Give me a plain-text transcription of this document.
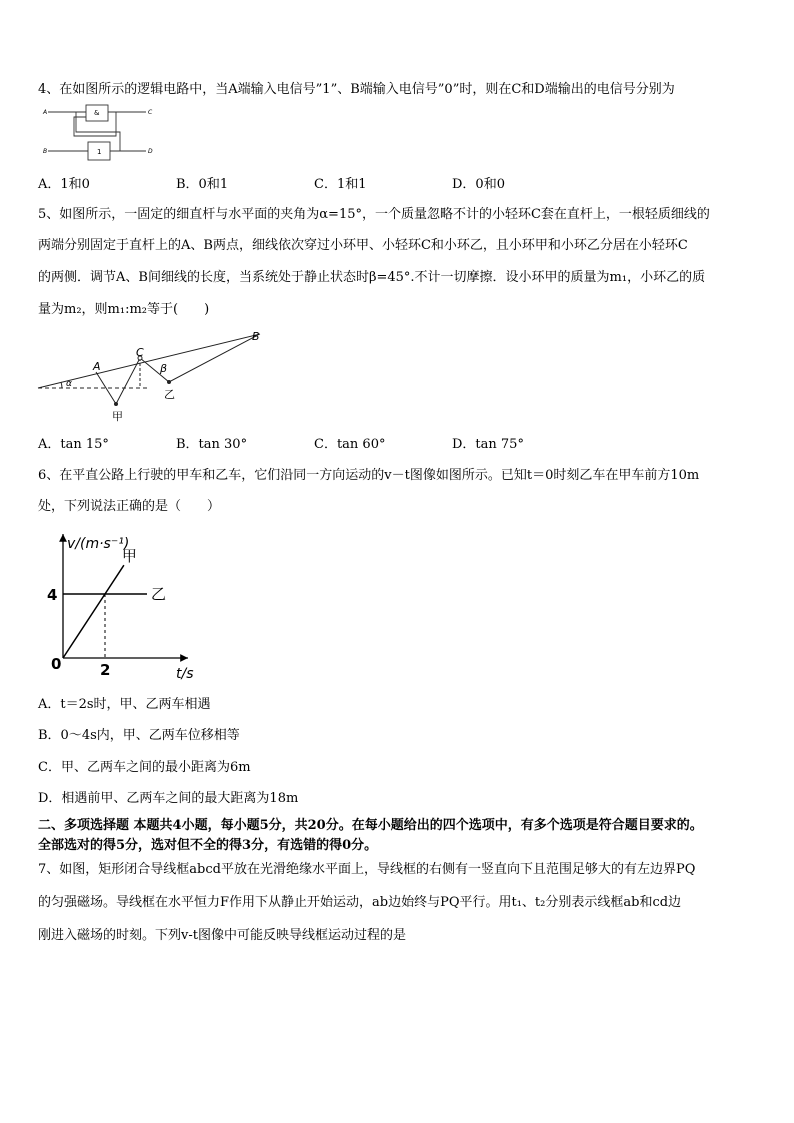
4、在如图所示的逻辑电路中，当A端输入电信号”1”、B端输入电信号”0”时，则在C和D端输出的电信号分别为
A
B
C
D
&
1
A．1和0	B．0和1	C．1和1	D．0和0
5、如图所示，一固定的细直杆与水平面的夹角为α=15°，一个质量忽略不计的小轻环C套在直杆上，一根轻质细线的
两端分别固定于直杆上的A、B两点，细线依次穿过小环甲、小轻环C和小环乙，且小环甲和小环乙分居在小轻环C
的两侧．调节A、B间细线的长度，当系统处于静止状态时β=45°.不计一切摩擦．设小环甲的质量为m₁，小环乙的质
量为m₂，则m₁:m₂等于(　　)
A
B
C
β
α
甲
乙
A．tan 15°	B．tan 30°	C．tan 60°	D．tan 75°
6、在平直公路上行驶的甲车和乙车，它们沿同一方向运动的v－t图像如图所示。已知t＝0时刻乙车在甲车前方10m
处，下列说法正确的是（　　）
甲
乙
2
4
v/(m·s⁻¹)
t/s
0
A．t＝2s时，甲、乙两车相遇
B．0～4s内，甲、乙两车位移相等
C．甲、乙两车之间的最小距离为6m
D．相遇前甲、乙两车之间的最大距离为18m
二、多项选择题 本题共4小题，每小题5分，共20分。在每小题给出的四个选项中，有多个选项是符合题目要求的。
全部选对的得5分，选对但不全的得3分，有选错的得0分。
7、如图，矩形闭合导线框abcd平放在光滑绝缘水平面上，导线框的右侧有一竖直向下且范围足够大的有左边界PQ
的匀强磁场。导线框在水平恒力F作用下从静止开始运动，ab边始终与PQ平行。用t₁、t₂分别表示线框ab和cd边
刚进入磁场的时刻。下列v-t图像中可能反映导线框运动过程的是
